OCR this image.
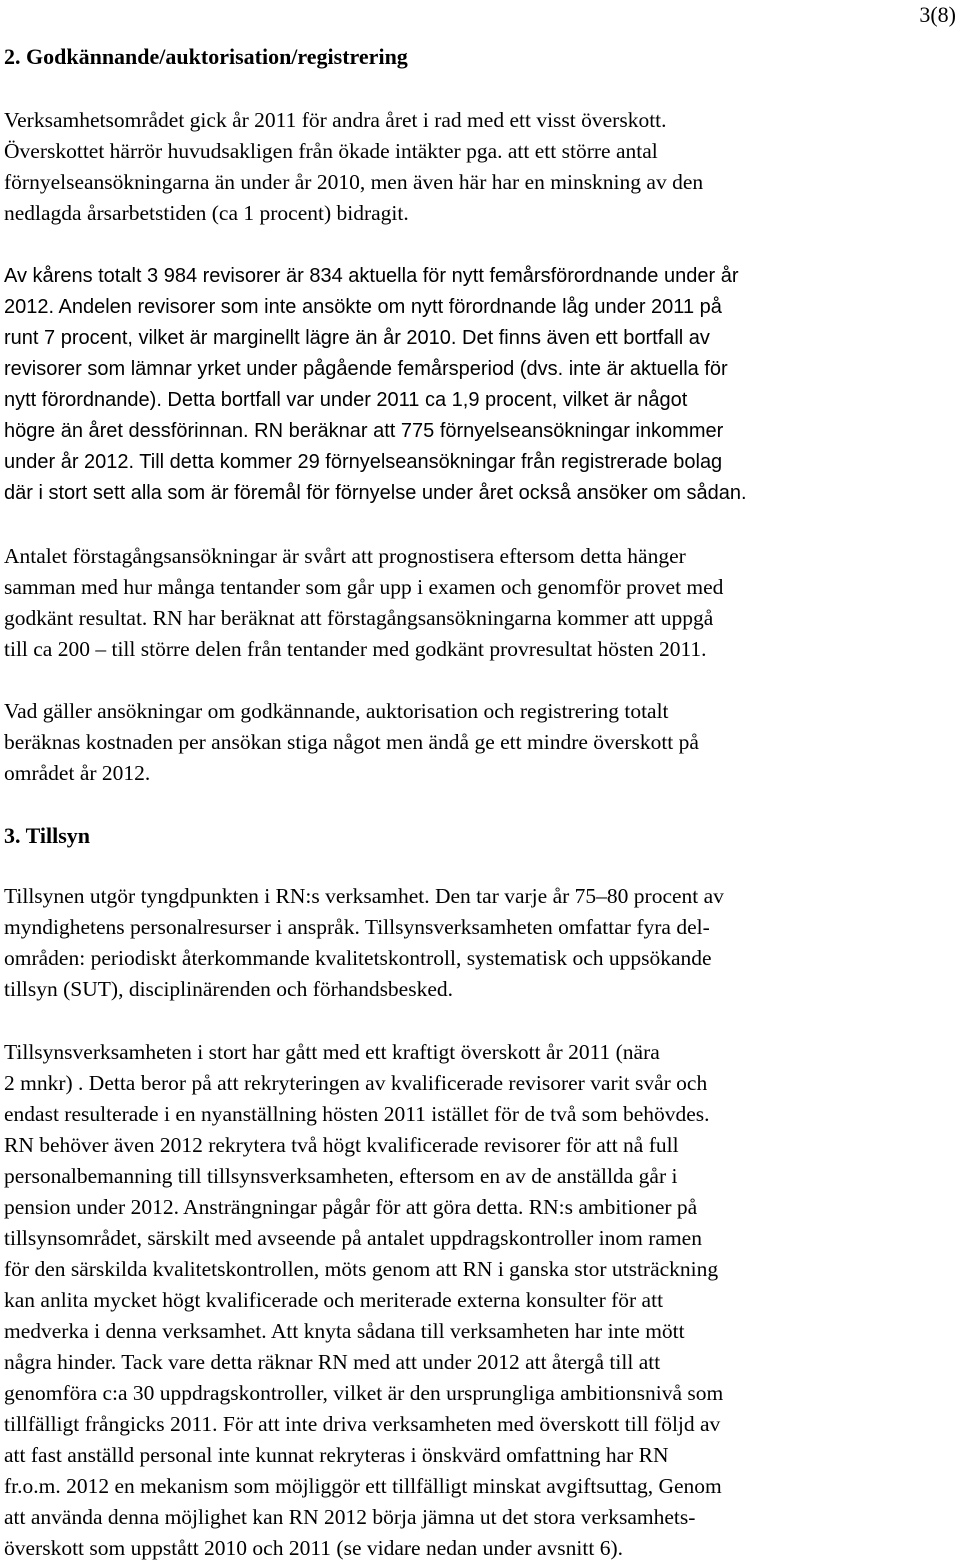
3(8)
2. Godkännande/auktorisation/registrering
Verksamhetsområdet gick år 2011 för andra året i rad med ett visst överskott.
Överskottet härrör huvudsakligen från ökade intäkter pga. att ett större antal
förnyelseansökningarna än under år 2010, men även här har en minskning av den
nedlagda årsarbetstiden (ca 1 procent) bidragit.
Av kårens totalt 3 984 revisorer är 834 aktuella för nytt femårsförordnande under år
2012. Andelen revisorer som inte ansökte om nytt förordnande låg under 2011 på
runt 7 procent, vilket är marginellt lägre än år 2010. Det finns även ett bortfall av
revisorer som lämnar yrket under pågående femårsperiod (dvs. inte är aktuella för
nytt förordnande). Detta bortfall var under 2011 ca 1,9 procent, vilket är något
högre än året dessförinnan. RN beräknar att 775 förnyelseansökningar inkommer
under år 2012. Till detta kommer 29 förnyelseansökningar från registrerade bolag
där i stort sett alla som är föremål för förnyelse under året också ansöker om sådan.
Antalet förstagångsansökningar är svårt att prognostisera eftersom detta hänger
samman med hur många tentander som går upp i examen och genomför provet med
godkänt resultat. RN har beräknat att förstagångsansökningarna kommer att uppgå
till ca 200 – till större delen från tentander med godkänt provresultat hösten 2011.
Vad gäller ansökningar om godkännande, auktorisation och registrering totalt
beräknas kostnaden per ansökan stiga något men ändå ge ett mindre överskott på
området år 2012.
3. Tillsyn
Tillsynen utgör tyngdpunkten i RN:s verksamhet. Den tar varje år 75–80 procent av
myndighetens personalresurser i anspråk. Tillsynsverksamheten omfattar fyra del-
områden: periodiskt återkommande kvalitetskontroll, systematisk och uppsökande
tillsyn (SUT), disciplinärenden och förhandsbesked.
Tillsynsverksamheten i stort har gått med ett kraftigt överskott år 2011 (nära
2 mnkr) . Detta beror på att rekryteringen av kvalificerade revisorer varit svår och
endast resulterade i en nyanställning hösten 2011 istället för de två som behövdes.
RN behöver även 2012 rekrytera två högt kvalificerade revisorer för att nå full
personalbemanning till tillsynsverksamheten, eftersom en av de anställda går i
pension under 2012. Ansträngningar pågår för att göra detta. RN:s ambitioner på
tillsynsområdet, särskilt med avseende på antalet uppdragskontroller inom ramen
för den särskilda kvalitetskontrollen, möts genom att RN i ganska stor utsträckning
kan anlita mycket högt kvalificerade och meriterade externa konsulter för att
medverka i denna verksamhet. Att knyta sådana till verksamheten har inte mött
några hinder. Tack vare detta räknar RN med att under 2012 att återgå till att
genomföra c:a 30 uppdragskontroller, vilket är den ursprungliga ambitionsnivå som
tillfälligt frångicks 2011. För att inte driva verksamheten med överskott till följd av
att fast anställd personal inte kunnat rekryteras i önskvärd omfattning har RN
fr.o.m. 2012 en mekanism som möjliggör ett tillfälligt minskat avgiftsuttag, Genom
att använda denna möjlighet kan RN 2012 börja jämna ut det stora verksamhets-
överskott som uppstått 2010 och 2011 (se vidare nedan under avsnitt 6).
